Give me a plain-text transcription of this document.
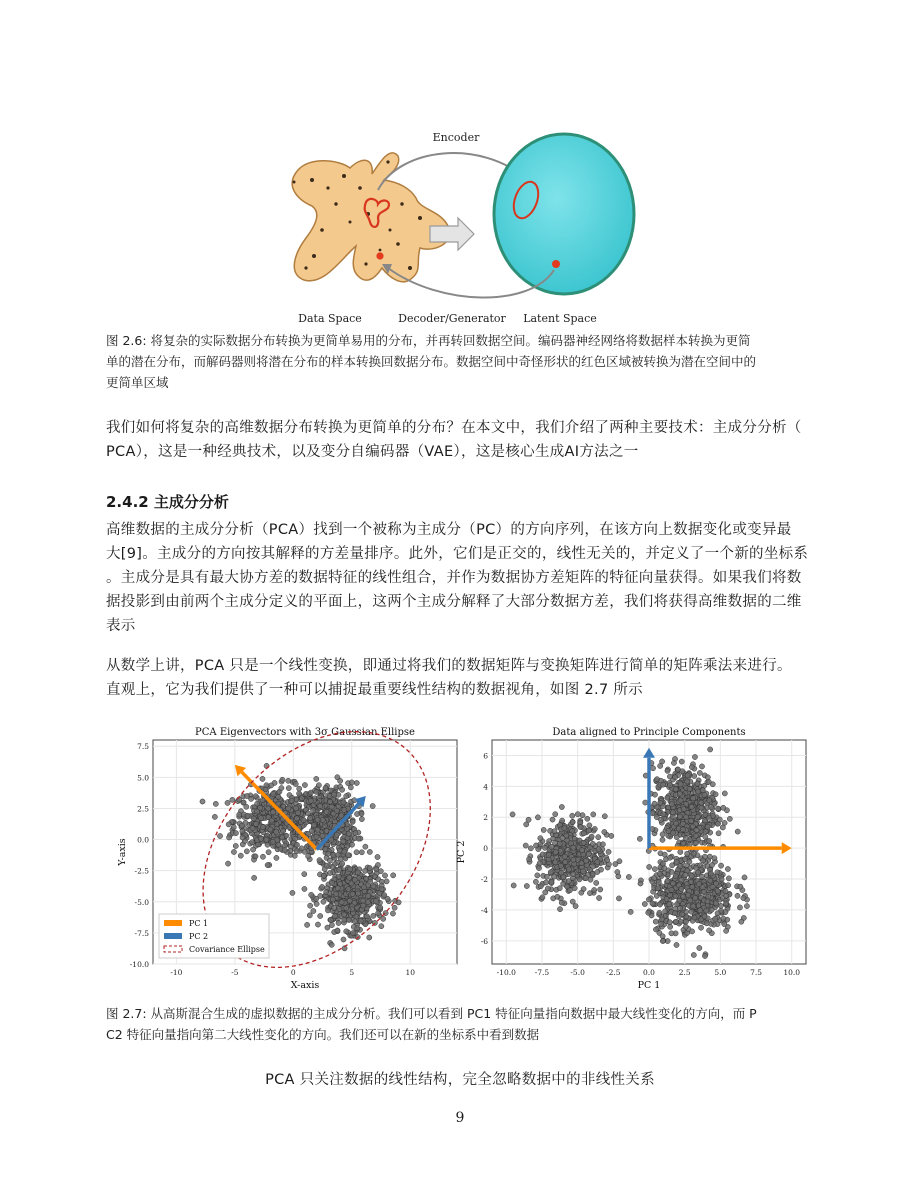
Encoder
Data Space	Decoder/Generator Latent Space
图 2.6: 将复杂的实际数据分布转换为更简单易用的分布，并再转回数据空间。编码器神经网络将数据样本转换为更简
单的潜在分布，而解码器则将潜在分布的样本转换回数据分布。数据空间中奇怪形状的红色区域被转换为潜在空间中的
更简单区域
我们如何将复杂的高维数据分布转换为更简单的分布？在本文中，我们介绍了两种主要技术：主成分分析（
PCA），这是一种经典技术，以及变分自编码器（VAE），这是核心生成AI方法之一
2.4.2 主成分分析
高维数据的主成分分析（PCA）找到一个被称为主成分（PC）的方向序列，在该方向上数据变化或变异最
大[9]。主成分的方向按其解释的方差量排序。此外，它们是正交的，线性无关的，并定义了一个新的坐标系
。主成分是具有最大协方差的数据特征的线性组合，并作为数据协方差矩阵的特征向量获得。如果我们将数
据投影到由前两个主成分定义的平面上，这两个主成分解释了大部分数据方差，我们将获得高维数据的二维
表示
从数学上讲，PCA 只是一个线性变换，即通过将我们的数据矩阵与变换矩阵进行简单的矩阵乘法来进行。
直观上，它为我们提供了一种可以捕捉最重要线性结构的数据视角，如图 2.7 所示
-10	-5	0	5	10
7.5
5.0
2.5
0.0
-2.5
-5.0
-7.5
-10.0
PCA Eigenvectors with 3σ Gaussian Ellipse
X-axis
Y-axis
PC 1
PC 2
Covariance Ellipse
-10.0	-7.5	-5.0	-2.5	0.0	2.5	5.0	7.5	10.0
6
4
2
0
-2
-4
-6
Data aligned to Principle Components
PC 1
PC 2
图 2.7: 从高斯混合生成的虚拟数据的主成分分析。我们可以看到 PC1 特征向量指向数据中最大线性变化的方向，而 P
C2 特征向量指向第二大线性变化的方向。我们还可以在新的坐标系中看到数据
PCA 只关注数据的线性结构，完全忽略数据中的非线性关系
9
